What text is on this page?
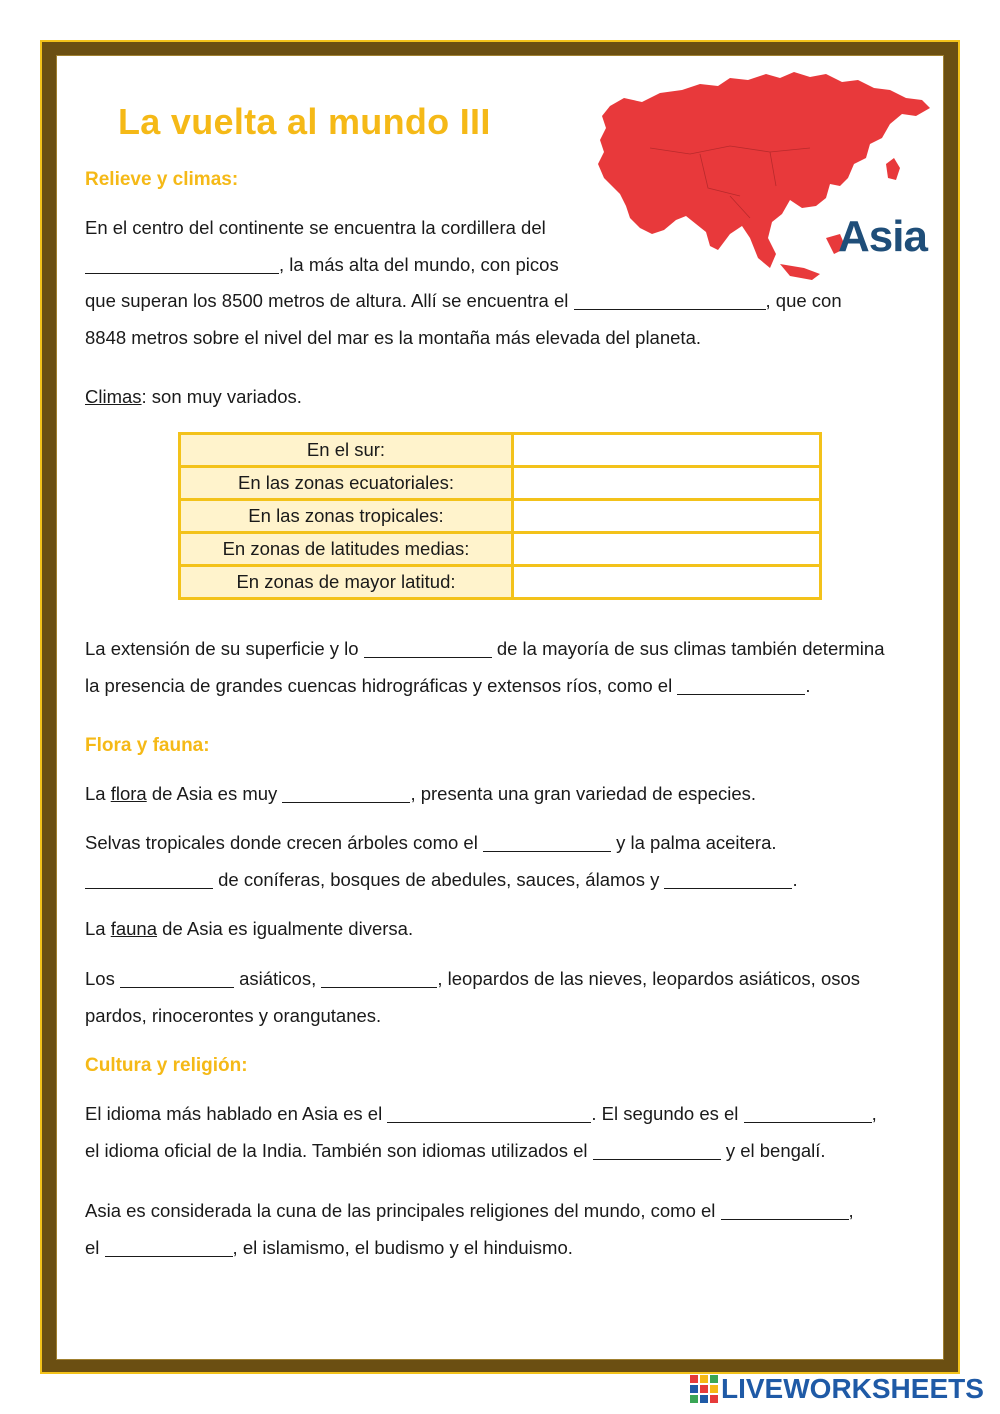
La vuelta al mundo III
Asia
Relieve y climas:
En el centro del continente se encuentra la cordillera del
, la más alta del mundo, con picos
que superan los 8500 metros de altura. Allí se encuentra el	, que con
8848 metros sobre el nivel del mar es la montaña más elevada del planeta.
Climas: son muy variados.
En el sur:	
En las zonas ecuatoriales:	
En las zonas tropicales:	
En zonas de latitudes medias:	
En zonas de mayor latitud:	
La extensión de su superficie y lo	de la mayoría de sus climas también determina
la presencia de grandes cuencas hidrográficas y extensos ríos, como el	.
Flora y fauna:
La flora de Asia es muy	, presenta una gran variedad de especies.
Selvas tropicales donde crecen árboles como el	y la palma aceitera.
de coníferas, bosques de abedules, sauces, álamos y	.
La fauna de Asia es igualmente diversa.
Los	asiáticos,	, leopardos de las nieves, leopardos asiáticos, osos
pardos, rinocerontes y orangutanes.
Cultura y religión:
El idioma más hablado en Asia es el	. El segundo es el	,
el idioma oficial de la India. También son idiomas utilizados el	y el bengalí.
Asia es considerada la cuna de las principales religiones del mundo, como el	,
el	, el islamismo, el budismo y el hinduismo.
LIVEWORKSHEETS
